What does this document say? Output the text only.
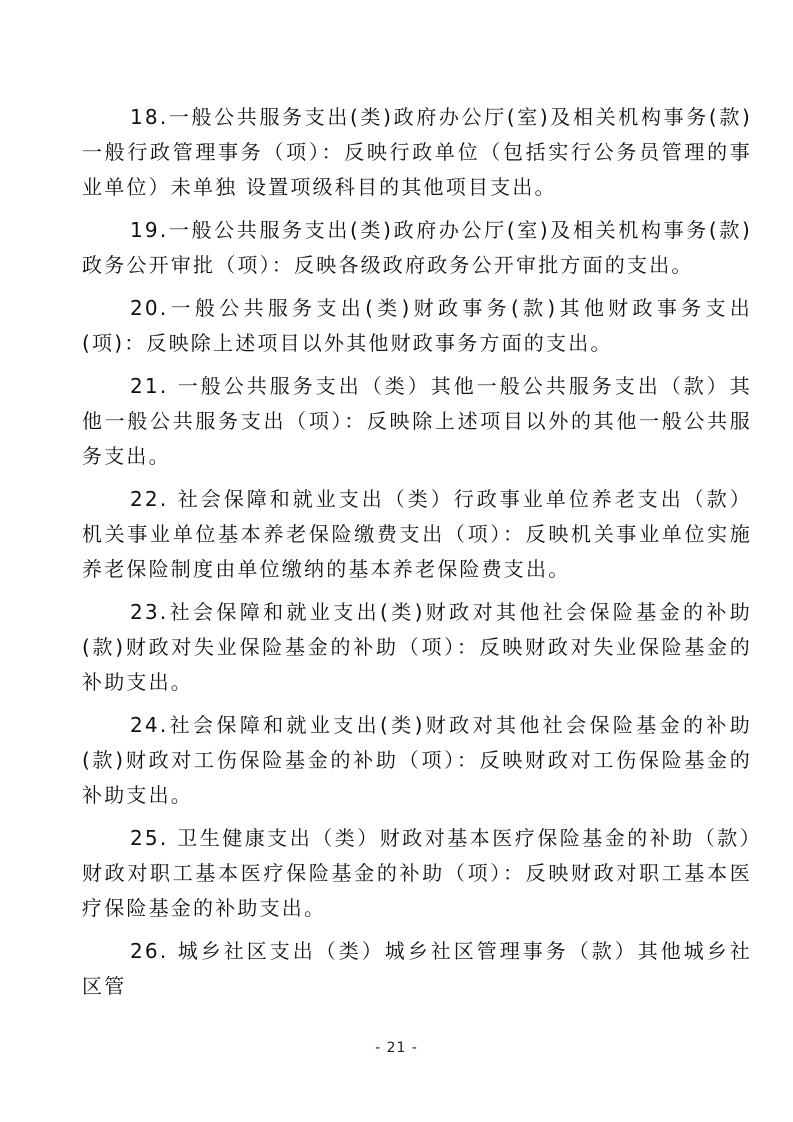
18.一般公共服务支出(类)政府办公厅(室)及相关机构事务(款)一般行政管理事务（项）：反映行政单位（包括实行公务员管理的事业单位）未单独 设置项级科目的其他项目支出。

19.一般公共服务支出(类)政府办公厅(室)及相关机构事务(款)政务公开审批（项）：反映各级政府政务公开审批方面的支出。

20.一般公共服务支出(类)财政事务(款)其他财政事务支出(项)：反映除上述项目以外其他财政事务方面的支出。

21. 一般公共服务支出（类）其他一般公共服务支出（款）其他一般公共服务支出（项）：反映除上述项目以外的其他一般公共服务支出。

22. 社会保障和就业支出（类）行政事业单位养老支出（款）机关事业单位基本养老保险缴费支出（项）：反映机关事业单位实施养老保险制度由单位缴纳的基本养老保险费支出。

23.社会保障和就业支出(类)财政对其他社会保险基金的补助(款)财政对失业保险基金的补助（项）：反映财政对失业保险基金的补助支出。

24.社会保障和就业支出(类)财政对其他社会保险基金的补助(款)财政对工伤保险基金的补助（项）：反映财政对工伤保险基金的补助支出。

25. 卫生健康支出（类）财政对基本医疗保险基金的补助（款）财政对职工基本医疗保险基金的补助（项）：反映财政对职工基本医疗保险基金的补助支出。

26. 城乡社区支出（类）城乡社区管理事务（款）其他城乡社区管

- 21 -
